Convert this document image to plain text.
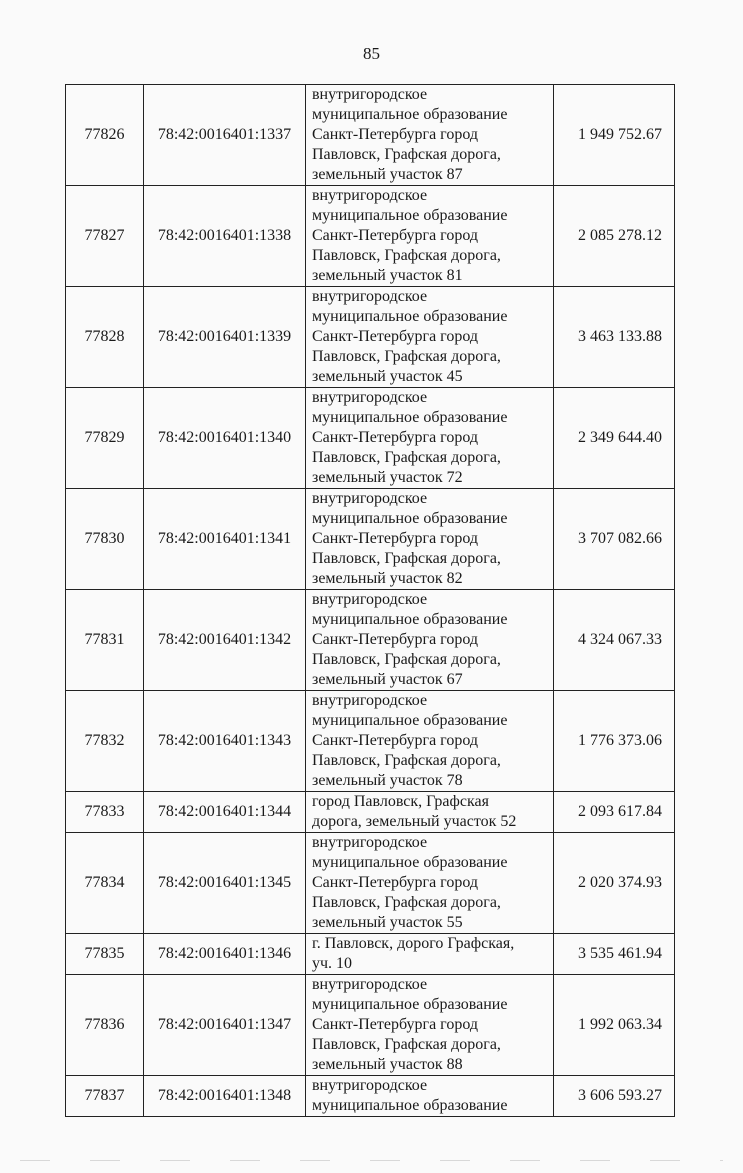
85
77826	78:42:0016401:1337	внутригородское
муниципальное образование
Санкт-Петербурга город
Павловск, Графская дорога,
земельный участок 87	1 949 752.67
77827	78:42:0016401:1338	внутригородское
муниципальное образование
Санкт-Петербурга город
Павловск, Графская дорога,
земельный участок 81	2 085 278.12
77828	78:42:0016401:1339	внутригородское
муниципальное образование
Санкт-Петербурга город
Павловск, Графская дорога,
земельный участок 45	3 463 133.88
77829	78:42:0016401:1340	внутригородское
муниципальное образование
Санкт-Петербурга город
Павловск, Графская дорога,
земельный участок 72	2 349 644.40
77830	78:42:0016401:1341	внутригородское
муниципальное образование
Санкт-Петербурга город
Павловск, Графская дорога,
земельный участок 82	3 707 082.66
77831	78:42:0016401:1342	внутригородское
муниципальное образование
Санкт-Петербурга город
Павловск, Графская дорога,
земельный участок 67	4 324 067.33
77832	78:42:0016401:1343	внутригородское
муниципальное образование
Санкт-Петербурга город
Павловск, Графская дорога,
земельный участок 78	1 776 373.06
77833	78:42:0016401:1344	город Павловск, Графская
дорога, земельный участок 52	2 093 617.84
77834	78:42:0016401:1345	внутригородское
муниципальное образование
Санкт-Петербурга город
Павловск, Графская дорога,
земельный участок 55	2 020 374.93
77835	78:42:0016401:1346	г. Павловск, дорого Графская,
уч. 10	3 535 461.94
77836	78:42:0016401:1347	внутригородское
муниципальное образование
Санкт-Петербурга город
Павловск, Графская дорога,
земельный участок 88	1 992 063.34
77837	78:42:0016401:1348	внутригородское
муниципальное образование	3 606 593.27
